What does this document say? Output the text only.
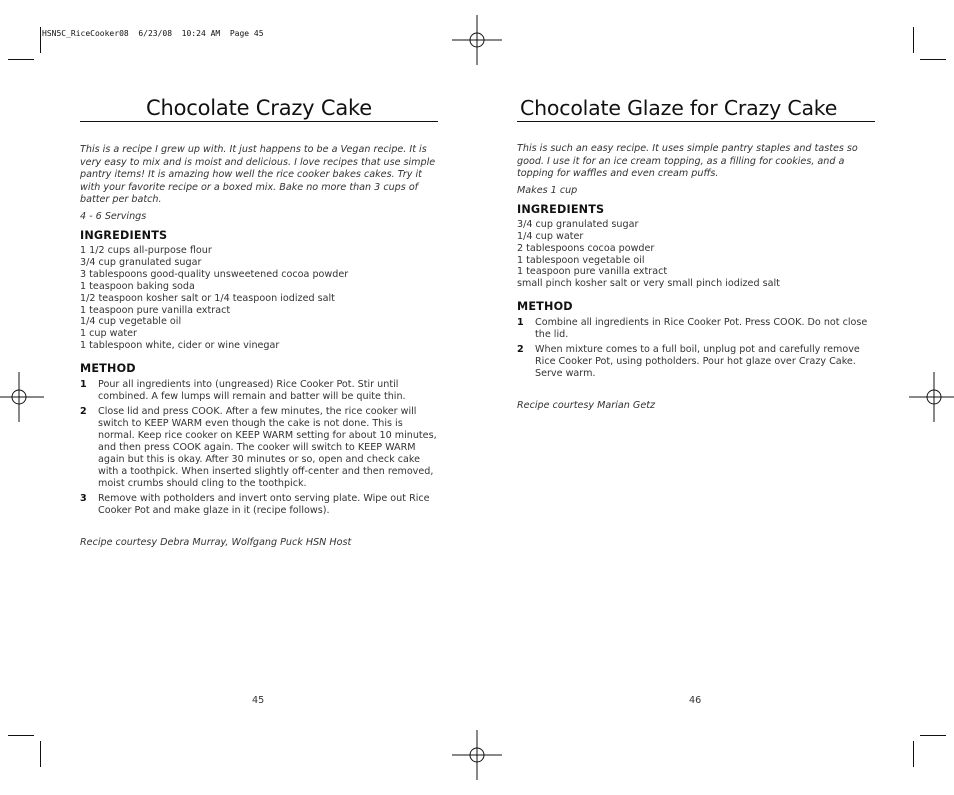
HSN5C_RiceCooker08  6/23/08  10:24 AM  Page 45
Chocolate Crazy Cake

This is a recipe I grew up with. It just happens to be a Vegan recipe. It is very easy to mix and is moist and delicious. I love recipes that use simple pantry items! It is amazing how well the rice cooker bakes cakes. Try it with your favorite recipe or a boxed mix. Bake no more than 3 cups of batter per batch.

4 - 6 Servings

INGREDIENTS
1 1/2 cups all-purpose flour
3/4 cup granulated sugar
3 tablespoons good-quality unsweetened cocoa powder
1 teaspoon baking soda
1/2 teaspoon kosher salt or 1/4 teaspoon iodized salt
1 teaspoon pure vanilla extract
1/4 cup vegetable oil
1 cup water
1 tablespoon white, cider or wine vinegar
METHOD
1	Pour all ingredients into (ungreased) Rice Cooker Pot. Stir until combined. A few lumps will remain and batter will be quite thin.
2	Close lid and press COOK. After a few minutes, the rice cooker will switch to KEEP WARM even though the cake is not done. This is normal. Keep rice cooker on KEEP WARM setting for about 10 minutes, and then press COOK again. The cooker will switch to KEEP WARM again but this is okay. After 30 minutes or so, open and check cake with a toothpick. When inserted slightly off-center and then removed, moist crumbs should cling to the toothpick.
3	Remove with potholders and invert onto serving plate. Wipe out Rice Cooker Pot and make glaze in it (recipe follows).

Recipe courtesy Debra Murray, Wolfgang Puck HSN Host

45
Chocolate Glaze for Crazy Cake

This is such an easy recipe. It uses simple pantry staples and tastes so good. I use it for an ice cream topping, as a filling for cookies, and a topping for waffles and even cream puffs.

Makes 1 cup

INGREDIENTS
3/4 cup granulated sugar
1/4 cup water
2 tablespoons cocoa powder
1 tablespoon vegetable oil
1 teaspoon pure vanilla extract
small pinch kosher salt or very small pinch iodized salt
METHOD
1	Combine all ingredients in Rice Cooker Pot. Press COOK. Do not close the lid.
2	When mixture comes to a full boil, unplug pot and carefully remove Rice Cooker Pot, using potholders. Pour hot glaze over Crazy Cake. Serve warm.

Recipe courtesy Marian Getz

46
